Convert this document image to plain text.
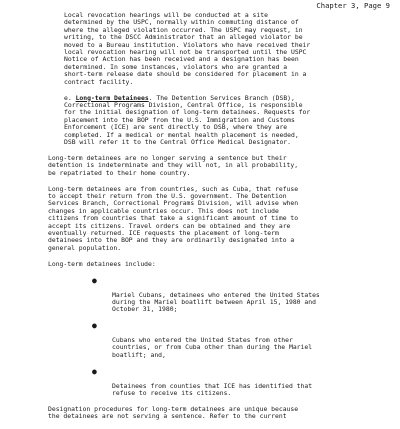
Chapter 3, Page 9

Local revocation hearings will be conducted at a site
determined by the USPC, normally within commuting distance of
where the alleged violation occurred. The USPC may request, in
writing, to the DSCC Administrator that an alleged violator be
moved to a Bureau institution. Violators who have received their
local revocation hearing will not be transported until the USPC
Notice of Action has been received and a designation has been
determined. In some instances, violators who are granted a
short-term release date should be considered for placement in a
contract facility.

e. Long-term Detainees. The Detention Services Branch (DSB),
Correctional Programs Division, Central Office, is responsible
for the initial designation of long-term detainees. Requests for
placement into the BOP from the U.S. Immigration and Customs
Enforcement (ICE) are sent directly to DSB, where they are
completed. If a medical or mental health placement is needed,
DSB will refer it to the Central Office Medical Designator.

Long-term detainees are no longer serving a sentence but their
detention is indeterminate and they will not, in all probability,
be repatriated to their home country.

Long-term detainees are from countries, such as Cuba, that refuse
to accept their return from the U.S. government. The Detention
Services Branch, Correctional Programs Division, will advise when
changes in applicable countries occur. This does not include
citizens from countries that take a significant amount of time to
accept its citizens. Travel orders can be obtained and they are
eventually returned. ICE requests the placement of long-term
detainees into the BOP and they are ordinarily designated into a
general population.

Long-term detainees include:

●

Mariel Cubans, detainees who entered the United States
during the Mariel boatlift between April 15, 1980 and
October 31, 1980;

●

Cubans who entered the United States from other
countries, or from Cuba other than during the Mariel
boatlift; and,

●

Detainees from counties that ICE has identified that
refuse to receive its citizens.

Designation procedures for long-term detainees are unique because
the detainees are not serving a sentence. Refer to the current
